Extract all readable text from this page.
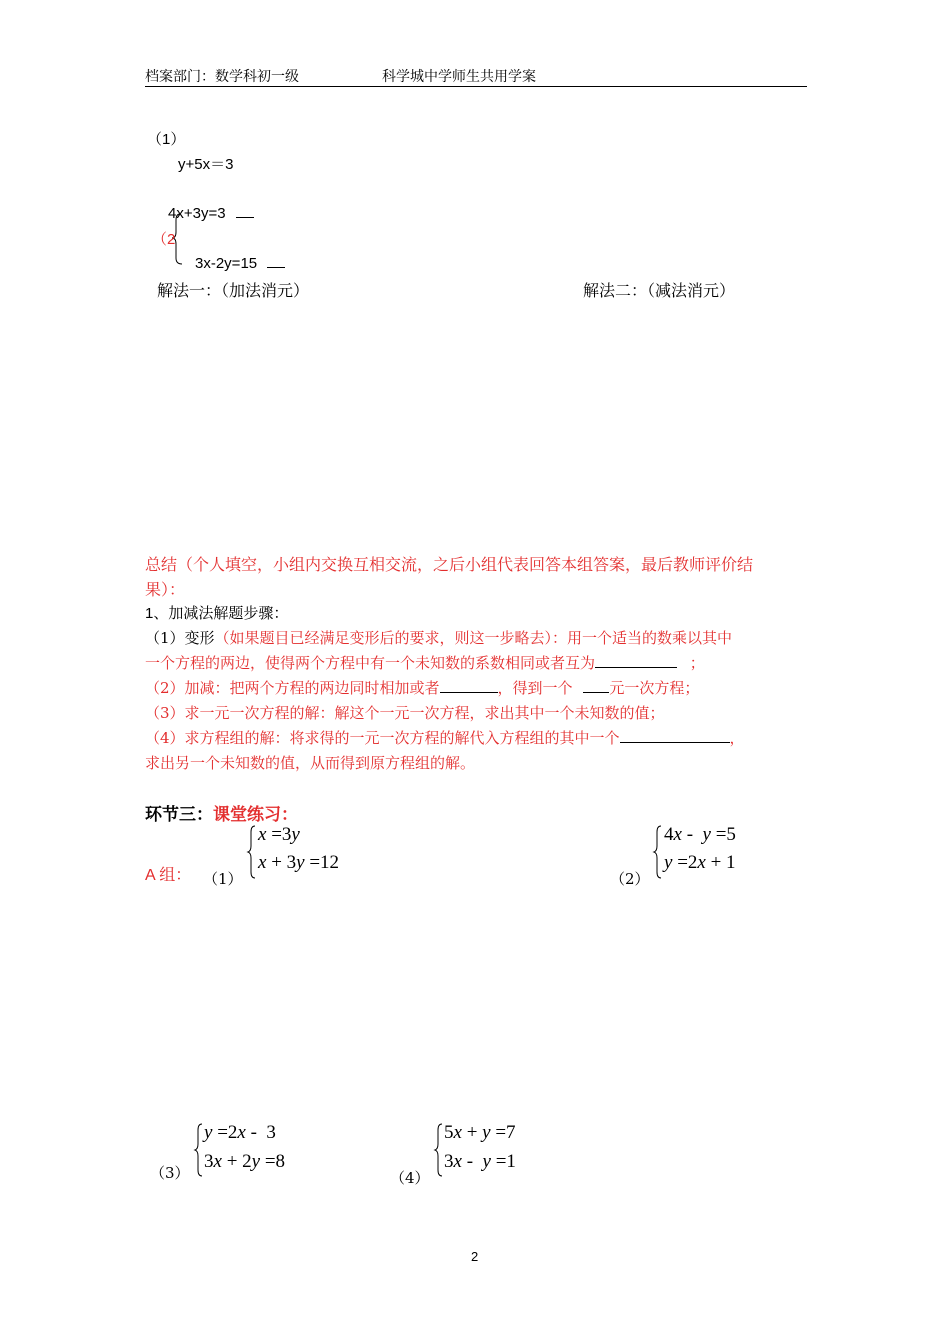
档案部门：数学科初一级	科学城中学师生共用学案
（1）
y+5x＝3
4x+3y=3
（2
3x-2y=15
解法一：（加法消元）	解法二：（减法消元）
总结（个人填空，小组内交换互相交流，之后小组代表回答本组答案，最后教师评价结
果）：
1、加减法解题步骤：
（1）变形（如果题目已经满足变形后的要求，则这一步略去）：用一个适当的数乘以其中
一个方程的两边，使得两个方程中有一个未知数的系数相同或者互为	；
（2）加减：把两个方程的两边同时相加或者	，得到一个 元一次方程；
（3）求一元一次方程的解：解这个一元一次方程，求出其中一个未知数的值；
（4）求方程组的解：将求得的一元一次方程的解代入方程组的其中一个	，
求出另一个未知数的值，从而得到原方程组的解。
环节三：课堂练习：
A 组： （1）
x =3y
x + 3y =12
（2）
4x -  y =5
y =2x + 1
（3）
y =2x -  3
3x + 2y =8
（4）
5x + y =7
3x -  y =1
2
